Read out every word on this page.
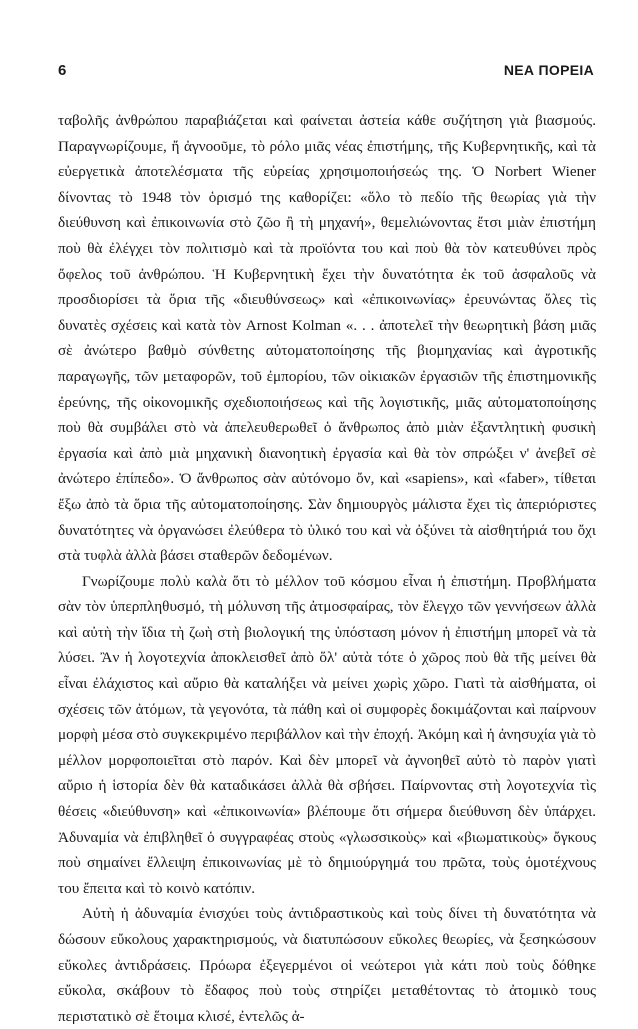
6	ΝΕΑ ΠΟΡΕΙΑ

ταβολῆς ἀνθρώπου παραβιάζεται καὶ φαίνεται ἀστεία κάθε συζήτηση γιὰ βιασμούς. Παραγνωρίζουμε, ἤ ἀγνοοῦμε, τὸ ρόλο μιᾶς νέας ἐπιστήμης, τῆς Κυβερνητικῆς, καὶ τὰ εὐεργετικὰ ἀποτελέσματα τῆς εὐρείας χρησιμοποιήσεώς της. Ὁ Norbert Wiener δίνοντας τὸ 1948 τὸν ὁρισμό της καθορίζει: «ὅλο τὸ πεδίο τῆς θεωρίας γιὰ τὴν διεύθυνση καὶ ἐπικοινωνία στὸ ζῶο ἢ τὴ μηχανή», θεμελιώνοντας ἔτσι μιὰν ἐπιστήμη ποὺ θὰ ἐλέγχει τὸν πολιτισμὸ καὶ τὰ προϊόντα του καὶ ποὺ θὰ τὸν κατευθύνει πρὸς ὄφελος τοῦ ἀνθρώπου. Ἡ Κυβερνητικὴ ἔχει τὴν δυνατότητα ἐκ τοῦ ἀσφαλοῦς νὰ προσδιορίσει τὰ ὅρια τῆς «διευθύνσεως» καὶ «ἐπικοινωνίας» ἐρευνώντας ὅλες τὶς δυνατὲς σχέσεις καὶ κατὰ τὸν Arnost Kolman «. . . ἀποτελεῖ τὴν θεωρητικὴ βάση μιᾶς σὲ ἀνώτερο βαθμὸ σύνθετης αὐτοματοποίησης τῆς βιομηχανίας καὶ ἀγροτικῆς παραγωγῆς, τῶν μεταφορῶν, τοῦ ἐμπορίου, τῶν οἰκιακῶν ἐργασιῶν τῆς ἐπιστημονικῆς ἐρεύνης, τῆς οἰκονομικῆς σχεδιοποιήσεως καὶ τῆς λογιστικῆς, μιᾶς αὐτοματοποίησης ποὺ θὰ συμβάλει στὸ νὰ ἀπελευθερωθεῖ ὁ ἄνθρωπος ἀπὸ μιὰν ἐξαντλητικὴ φυσικὴ ἐργασία καὶ ἀπὸ μιὰ μηχανικὴ διανοητικὴ ἐργασία καὶ θὰ τὸν σπρώξει ν' ἀνεβεῖ σὲ ἀνώτερο ἐπίπεδο». Ὁ ἄνθρωπος σὰν αὐτόνομο ὄν, καὶ «sapiens», καὶ «faber», τίθεται ἔξω ἀπὸ τὰ ὅρια τῆς αὐτοματοποίησης. Σὰν δημιουργὸς μάλιστα ἔχει τὶς ἀπεριόριστες δυνατότητες νὰ ὀργανώσει ἐλεύθερα τὸ ὑλικό του καὶ νὰ ὀξύνει τὰ αἰσθητήριά του ὄχι στὰ τυφλὰ ἀλλὰ βάσει σταθερῶν δεδομένων.

Γνωρίζουμε πολὺ καλὰ ὅτι τὸ μέλλον τοῦ κόσμου εἶναι ἡ ἐπιστήμη. Προβλήματα σὰν τὸν ὑπερπληθυσμό, τὴ μόλυνση τῆς ἀτμοσφαίρας, τὸν ἔλεγχο τῶν γεννήσεων ἀλλὰ καὶ αὐτὴ τὴν ἴδια τὴ ζωὴ στὴ βιολογική της ὑπόσταση μόνον ἡ ἐπιστήμη μπορεῖ νὰ τὰ λύσει. Ἂν ἡ λογοτεχνία ἀποκλεισθεῖ ἀπὸ ὅλ' αὐτὰ τότε ὁ χῶρος ποὺ θὰ τῆς μείνει θὰ εἶναι ἐλάχιστος καὶ αὔριο θὰ καταλήξει νὰ μείνει χωρὶς χῶρο. Γιατὶ τὰ αἰσθήματα, οἱ σχέσεις τῶν ἀτόμων, τὰ γεγονότα, τὰ πάθη καὶ οἱ συμφορὲς δοκιμάζονται καὶ παίρνουν μορφὴ μέσα στὸ συγκεκριμένο περιβάλλον καὶ τὴν ἐποχή. Ἀκόμη καὶ ἡ ἀνησυχία γιὰ τὸ μέλλον μορφοποιεῖται στὸ παρόν. Καὶ δὲν μπορεῖ νὰ ἀγνοηθεῖ αὐτὸ τὸ παρὸν γιατὶ αὔριο ἡ ἱστορία δὲν θὰ καταδικάσει ἀλλὰ θὰ σβήσει. Παίρνοντας στὴ λογοτεχνία τὶς θέσεις «διεύθυνση» καὶ «ἐπικοινωνία» βλέπουμε ὅτι σήμερα διεύθυνση δὲν ὑπάρχει. Ἀδυναμία νὰ ἐπιβληθεῖ ὁ συγγραφέας στοὺς «γλωσσικοὺς» καὶ «βιωματικοὺς» ὄγκους ποὺ σημαίνει ἔλλειψη ἐπικοινωνίας μὲ τὸ δημιούργημά του πρῶτα, τοὺς ὁμοτέχνους του ἔπειτα καὶ τὸ κοινὸ κατόπιν.

Αὐτὴ ἡ ἀδυναμία ἐνισχύει τοὺς ἀντιδραστικοὺς καὶ τοὺς δίνει τὴ δυνατότητα νὰ δώσουν εὔκολους χαρακτηρισμούς, νὰ διατυπώσουν εὔκολες θεωρίες, νὰ ξεσηκώσουν εὔκολες ἀντιδράσεις. Πρόωρα ἐξεγερμένοι οἱ νεώτεροι γιὰ κάτι ποὺ τοὺς δόθηκε εὔκολα, σκάβουν τὸ ἔδαφος ποὺ τοὺς στηρίζει μεταθέτοντας τὸ ἀτομικὸ τους περιστατικὸ σὲ ἕτοιμα κλισέ, ἐντελῶς ἀ-
